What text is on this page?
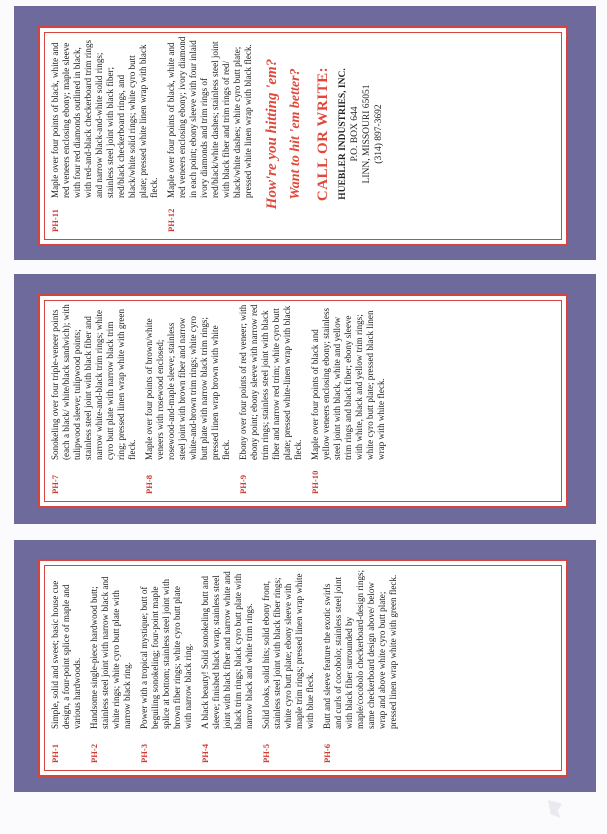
PH-11
Maple over four points of black, white and red veneers enclosing ebony; maple sleeve with four red diamonds outlined in black, with red-and-black checkerboard trim rings and narrow black-and-white solid rings; stainless steel joint with black fiber; red/black checkerboard rings, and black/white solid rings; white cyro butt plate; pressed white linen wrap with black fleck.
PH-12
Maple over four points of black, white and red veneers enclosing ebony; ivory diamond in each point; ebony sleeve with four inlaid ivory diamonds and trim rings of red/black/white dashes; stainless steel joint with black fiber and trim rings of red/ black/white dashes; white cyro butt plate; pressed white linen wrap with black fleck. How're you hitting 'em? Want to hit 'em better? CALL OR WRITE: HUEBLER INDUSTRIES, INC. P.O. BOX 644 LINN, MISSOURI 65051 (314) 897-3692
PH-7
Sonokeling over four triple-veneer points (each a black/ white/black sandwich); with tulipwood sleeve; tulipwood points; stainless steel joint with black fiber and narrow white-and-black trim rings; white cyro butt plate with narrow black trim ring; pressed linen wrap white with green fleck.
PH-8
Maple over four points of brown/white veneers with rosewood enclosed; rosewood-and-maple sleeve; stainless steel joint with brown fiber and narrow white-and-brown trim rings; white cyro butt plate with narrow black trim rings; pressed linen wrap brown with white fleck.
PH-9
Ebony over four points of red veneer; with ebony point; ebony sleeve with narrow red trim rings; stainless steel joint with black fiber and narrow red trim; white cyro butt plate; pressed white-linen wrap with black fleck.
PH-10
Maple over four points of black and yellow veneers enclosing ebony; stainless steel joint with black, white and yellow trim rings and black fiber; ebony sleeve with white, black and yellow trim rings; white cyro butt plate; pressed black linen wrap with white fleck.
PH-1
Simple, solid and sweet; basic house cue design, a four-point splice of maple and various hardwoods.
PH-2
Handsome single-piece hardwood butt; stainless steel joint with narrow black and white rings; white cyro butt plate with narrow black ring.
PH-3
Power with a tropical mystique; butt of beguiling sonokeling; four-point maple splice at bottom; stainless steel joint with brown fiber rings; white cyro butt plate with narrow black ring.
PH-4
A black beauty! Solid sonokeling butt and sleeve; finished black wrap; stainless steel joint with black fiber and narrow white and black trim rings; black cyro butt plate with narrow black and white trim rings.
PH-5
Solid looks, solid hits; solid ebony front, stainless steel joint with black fiber rings; white cyro butt plate; ebony sleeve with maple trim rings; pressed linen wrap white with blue fleck.
PH-6
Butt and sleeve feature the exotic swirls and curls of cocobolo; stainless steel joint with black fiber surrounded by maple/cocobolo checkerboard-design rings; same checkerboard design above/ below wrap and above white cyro butt plate; pressed linen wrap white with green fleck.
